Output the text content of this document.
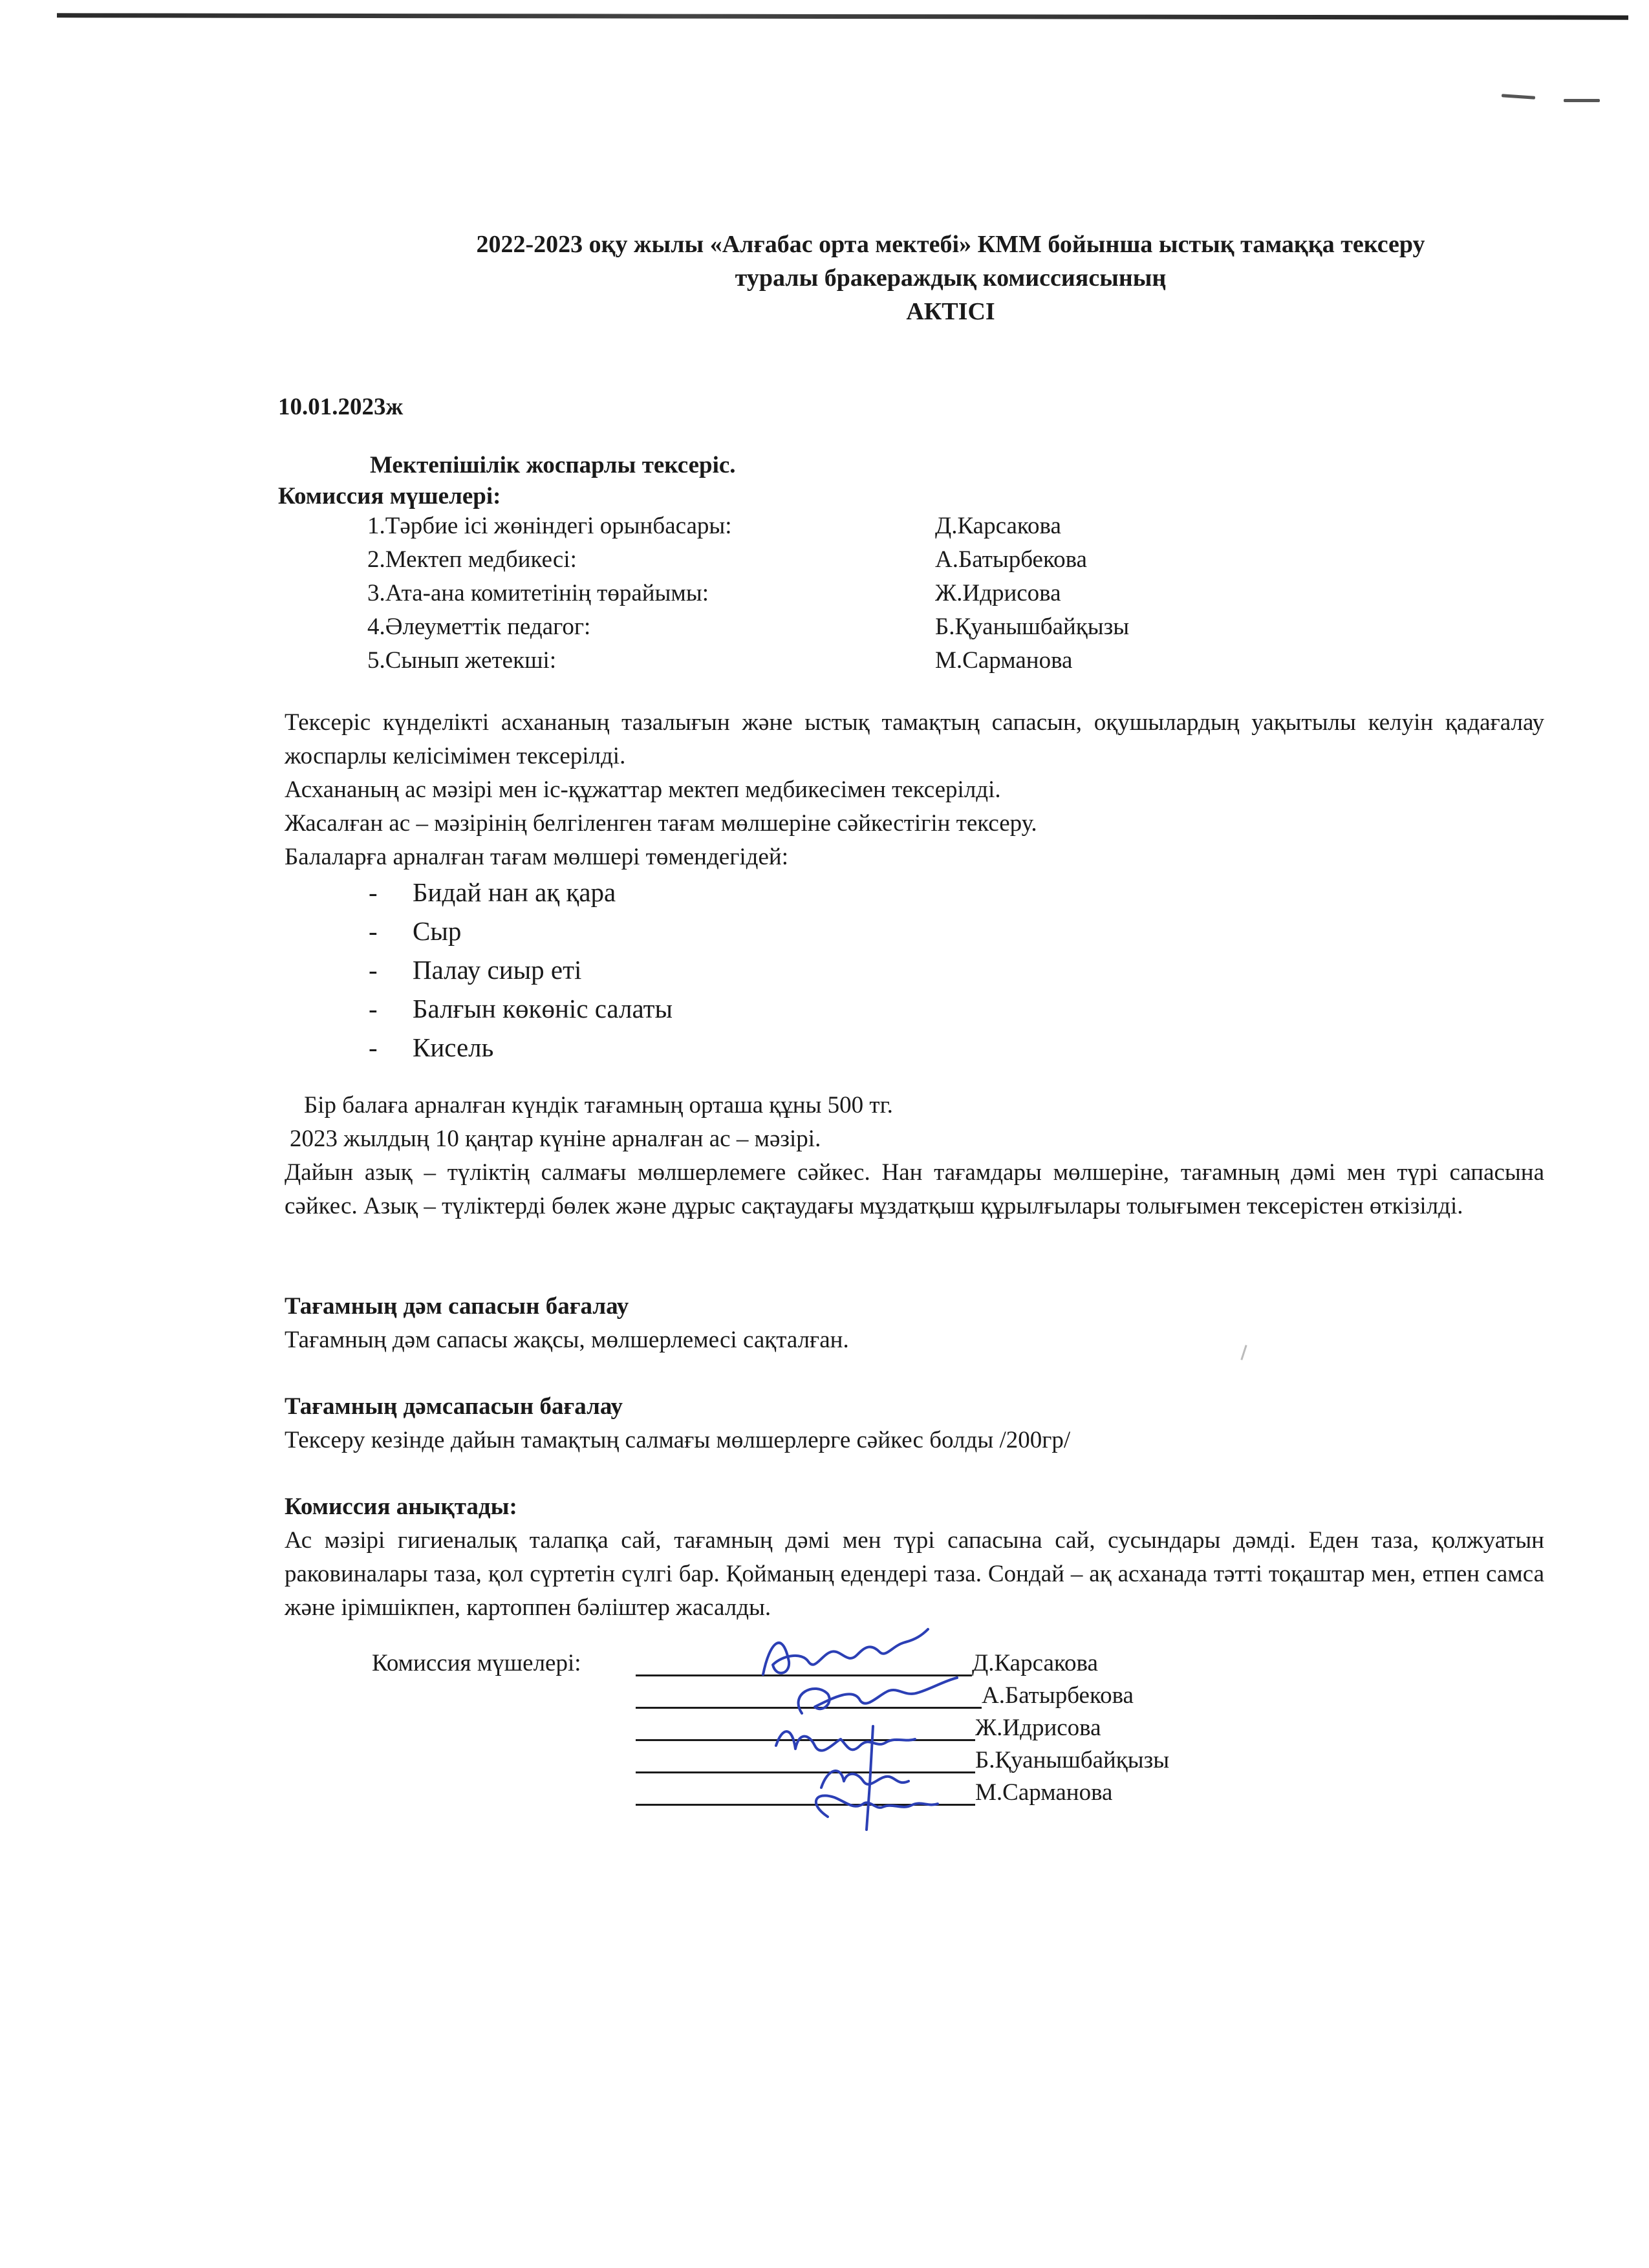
2022-2023 оқу жылы «Алғабас орта мектебі» КММ бойынша ыстық тамаққа тексеру
туралы бракераждық комиссиясының
АКТІСІ
10.01.2023ж
Мектепішілік жоспарлы тексеріс.
Комиссия мүшелері:
1.Тәрбие ісі жөніндегі орынбасары:	Д.Карсакова
2.Мектеп медбикесі:	А.Батырбекова
3.Ата-ана комитетінің төрайымы:	Ж.Идрисова
4.Әлеуметтік педагог:	Б.Қуанышбайқызы
5.Сынып жетекші:	М.Сарманова
Тексеріс күнделікті асхананың тазалығын және ыстық тамақтың сапасын, оқушылардың уақытылы келуін қадағалау жоспарлы келісімімен тексерілді.
Асхананың ас мәзірі мен іс-құжаттар мектеп медбикесімен тексерілді.
Жасалған ас – мәзірінің белгіленген тағам мөлшеріне сәйкестігін тексеру.
Балаларға арналған тағам мөлшері төмендегідей:
- Бидай нан ақ қара
- Сыр
- Палау сиыр еті
- Балғын көкөніс салаты
- Кисель
Бір балаға арналған күндік тағамның орташа құны 500 тг.
2023 жылдың 10 қаңтар күніне арналған ас – мәзірі.
Дайын азық – түліктің салмағы мөлшерлемеге сәйкес. Нан тағамдары мөлшеріне, тағамның дәмі мен түрі сапасына сәйкес. Азық – түліктерді бөлек және дұрыс сақтаудағы мұздатқыш құрылғылары толығымен тексерістен өткізілді.
Тағамның дәм сапасын бағалау
Тағамның дәм сапасы жақсы, мөлшерлемесі сақталған.
Тағамның дәмсапасын бағалау
Тексеру кезінде дайын тамақтың салмағы мөлшерлерге сәйкес болды /200гр/
Комиссия анықтады:
Ас мәзірі гигиеналық талапқа сай, тағамның дәмі мен түрі сапасына сай, сусындары дәмді. Еден таза, қолжуатын раковиналары таза, қол сүртетін сүлгі бар. Қойманың едендері таза. Сондай – ақ асханада тәтті тоқаштар мен, етпен самса және ірімшікпен, картоппен бәліштер жасалды.
Комиссия мүшелері:	Д.Карсакова
А.Батырбекова
Ж.Идрисова
Б.Қуанышбайқызы
М.Сарманова
